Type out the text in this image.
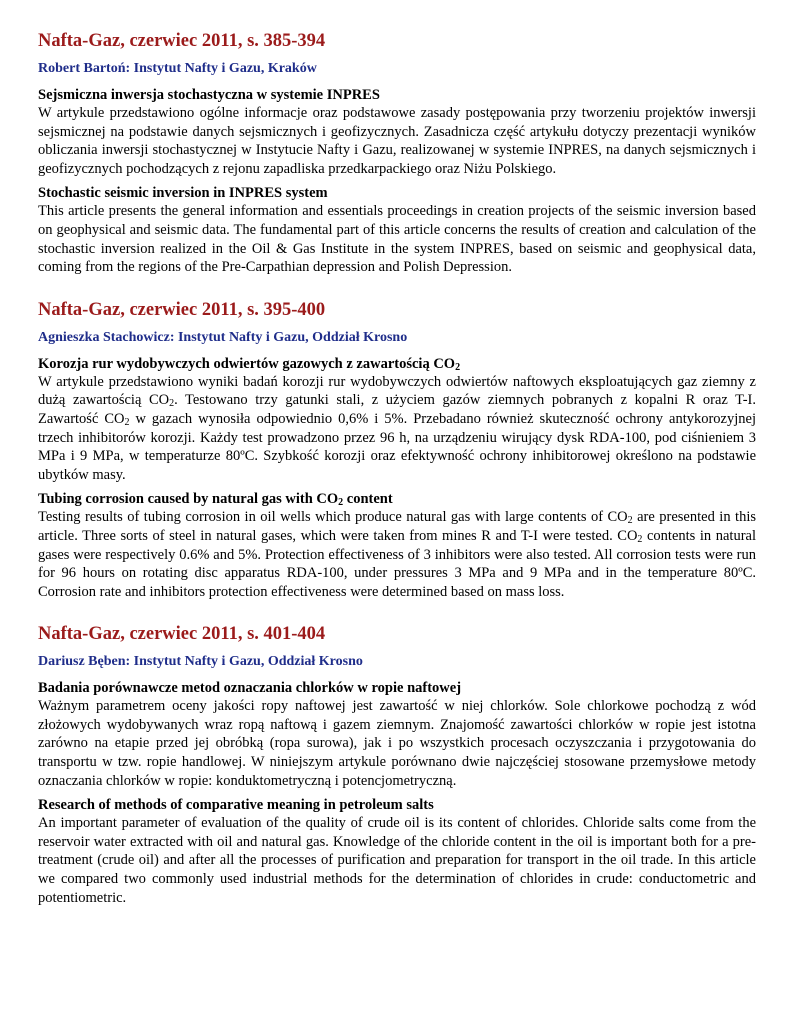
Nafta-Gaz, czerwiec 2011, s. 385-394
Robert Bartoń: Instytut Nafty i Gazu, Kraków

Sejsmiczna inwersja stochastyczna w systemie INPRES

W artykule przedstawiono ogólne informacje oraz podstawowe zasady postępowania przy tworzeniu projektów inwersji sejsmicznej na podstawie danych sejsmicznych i geofizycznych. Zasadnicza część artykułu dotyczy prezentacji wyników obliczania inwersji stochastycznej w Instytucie Nafty i Gazu, realizowanej w systemie INPRES, na danych sejsmicznych i geofizycznych pochodzących z rejonu zapadliska przedkarpackiego oraz Niżu Polskiego.

Stochastic seismic inversion in INPRES system

This article presents the general information and essentials proceedings in creation projects of the seismic inversion based on geophysical and seismic data. The fundamental part of this article concerns the results of creation and calculation of the stochastic inversion realized in the Oil & Gas Institute in the system INPRES, based on seismic and geophysical data, coming from the regions of the Pre-Carpathian depression and Polish Depression.

Nafta-Gaz, czerwiec 2011, s. 395-400
Agnieszka Stachowicz: Instytut Nafty i Gazu, Oddział Krosno

Korozja rur wydobywczych odwiertów gazowych z zawartością $CO_2$

W artykule przedstawiono wyniki badań korozji rur wydobywczych odwiertów naftowych eksploatujących gaz ziemny z dużą zawartością $CO_2$. Testowano trzy gatunki stali, z użyciem gazów ziemnych pobranych z kopalni R oraz T-I. Zawartość $CO_2$ w gazach wynosiła odpowiednio 0,6% i 5%. Przebadano również skuteczność ochrony antykorozyjnej trzech inhibitorów korozji. Każdy test prowadzono przez 96 h, na urządzeniu wirujący dysk RDA-100, pod ciśnieniem 3 MPa i 9 MPa, w temperaturze 80ºC. Szybkość korozji oraz efektywność ochrony inhibitorowej określono na podstawie ubytków masy.

Tubing corrosion caused by natural gas with $CO_2$ content

Testing results of tubing corrosion in oil wells which produce natural gas with large contents of $CO_2$ are presented in this article. Three sorts of steel in natural gases, which were taken from mines R and T-I were tested. $CO_2$ contents in natural gases were respectively 0.6% and 5%. Protection effectiveness of 3 inhibitors were also tested. All corrosion tests were run for 96 hours on rotating disc apparatus RDA-100, under pressures 3 MPa and 9 MPa and in the temperature 80ºC. Corrosion rate and inhibitors protection effectiveness were determined based on mass loss.

Nafta-Gaz, czerwiec 2011, s. 401-404
Dariusz Bęben: Instytut Nafty i Gazu, Oddział Krosno

Badania porównawcze metod oznaczania chlorków w ropie naftowej

Ważnym parametrem oceny jakości ropy naftowej jest zawartość w niej chlorków. Sole chlorkowe pochodzą z wód złożowych wydobywanych wraz ropą naftową i gazem ziemnym. Znajomość zawartości chlorków w ropie jest istotna zarówno na etapie przed jej obróbką (ropa surowa), jak i po wszystkich procesach oczyszczania i przygotowania do transportu w tzw. ropie handlowej. W niniejszym artykule porównano dwie najczęściej stosowane przemysłowe metody oznaczania chlorków w ropie: konduktometryczną i potencjometryczną.

Research of methods of comparative meaning in petroleum salts

An important parameter of evaluation of the quality of crude oil is its content of chlorides. Chloride salts come from the reservoir water extracted with oil and natural gas. Knowledge of the chloride content in the oil is important both for a pre-treatment (crude oil) and after all the processes of purification and preparation for transport in the oil trade. In this article we compared two commonly used industrial methods for the determination of chlorides in crude: conductometric and potentiometric.
